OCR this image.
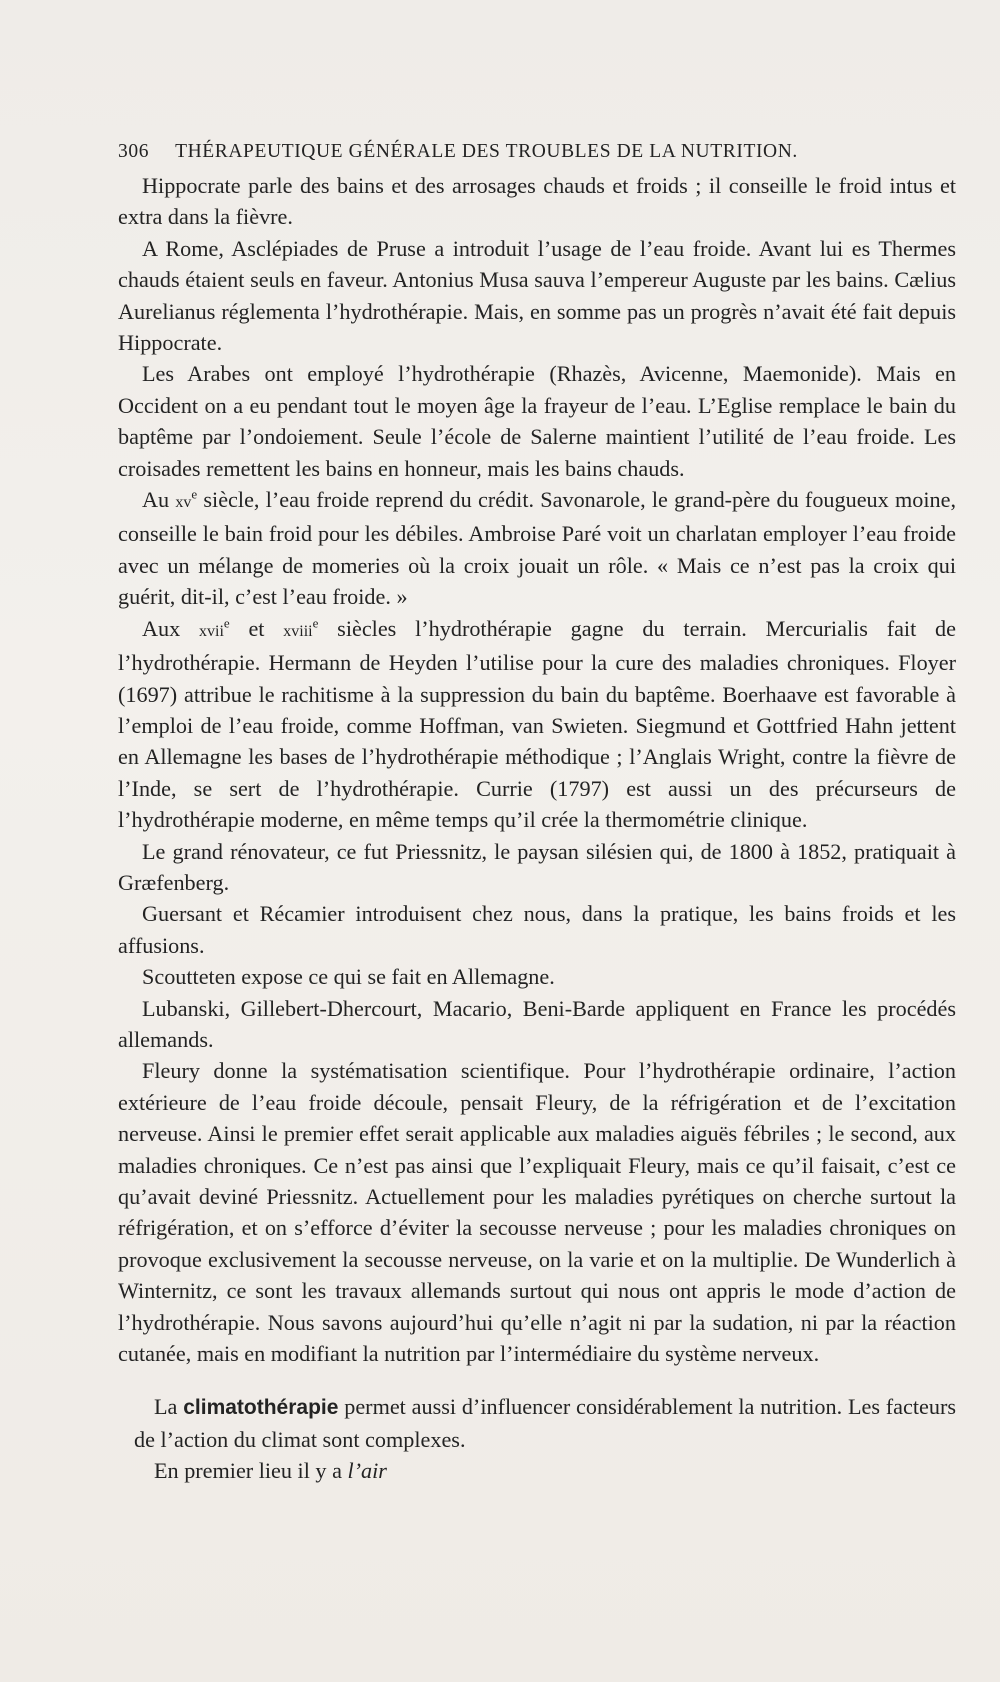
306 THÉRAPEUTIQUE GÉNÉRALE DES TROUBLES DE LA NUTRITION.

Hippocrate parle des bains et des arrosages chauds et froids ; il conseille le froid intus et extra dans la fièvre.

A Rome, Asclépiades de Pruse a introduit l’usage de l’eau froide. Avant lui es Thermes chauds étaient seuls en faveur. Antonius Musa sauva l’empereur Auguste par les bains. Cælius Aurelianus réglementa l’hydrothérapie. Mais, en somme pas un progrès n’avait été fait depuis Hippocrate.

Les Arabes ont employé l’hydrothérapie (Rhazès, Avicenne, Maemonide). Mais en Occident on a eu pendant tout le moyen âge la frayeur de l’eau. L’Eglise remplace le bain du baptême par l’ondoiement. Seule l’école de Salerne maintient l’utilité de l’eau froide. Les croisades remettent les bains en honneur, mais les bains chauds.

Au $xv^e$ siècle, l’eau froide reprend du crédit. Savonarole, le grand-père du fougueux moine, conseille le bain froid pour les débiles. Ambroise Paré voit un charlatan employer l’eau froide avec un mélange de momeries où la croix jouait un rôle. « Mais ce n’est pas la croix qui guérit, dit-il, c’est l’eau froide. »

Aux xvii$^e$ et xviii$^e$ siècles l’hydrothérapie gagne du terrain. Mercurialis fait de l’hydrothérapie. Hermann de Heyden l’utilise pour la cure des maladies chroniques. Floyer (1697) attribue le rachitisme à la suppression du bain du baptême. Boerhaave est favorable à l’emploi de l’eau froide, comme Hoffman, van Swieten. Siegmund et Gottfried Hahn jettent en Allemagne les bases de l’hydrothérapie méthodique ; l’Anglais Wright, contre la fièvre de l’Inde, se sert de l’hydrothérapie. Currie (1797) est aussi un des précurseurs de l’hydrothérapie moderne, en même temps qu’il crée la thermométrie clinique.

Le grand rénovateur, ce fut Priessnitz, le paysan silésien qui, de 1800 à 1852, pratiquait à Græfenberg.

Guersant et Récamier introduisent chez nous, dans la pratique, les bains froids et les affusions.

Scoutteten expose ce qui se fait en Allemagne.

Lubanski, Gillebert-Dhercourt, Macario, Beni-Barde appliquent en France les procédés allemands.

Fleury donne la systématisation scientifique. Pour l’hydrothérapie ordinaire, l’action extérieure de l’eau froide découle, pensait Fleury, de la réfrigération et de l’excitation nerveuse. Ainsi le premier effet serait applicable aux maladies aiguës fébriles ; le second, aux maladies chroniques. Ce n’est pas ainsi que l’expliquait Fleury, mais ce qu’il faisait, c’est ce qu’avait deviné Priessnitz. Actuellement pour les maladies pyrétiques on cherche surtout la réfrigération, et on s’efforce d’éviter la secousse nerveuse ; pour les maladies chroniques on provoque exclusivement la secousse nerveuse, on la varie et on la multiplie. De Wunderlich à Winternitz, ce sont les travaux allemands surtout qui nous ont appris le mode d’action de l’hydrothérapie. Nous savons aujourd’hui qu’elle n’agit ni par la sudation, ni par la réaction cutanée, mais en modifiant la nutrition par l’intermédiaire du système nerveux.

La climatothérapie permet aussi d’influencer considérablement la nutrition. Les facteurs de l’action du climat sont complexes.

En premier lieu il y a l’air
